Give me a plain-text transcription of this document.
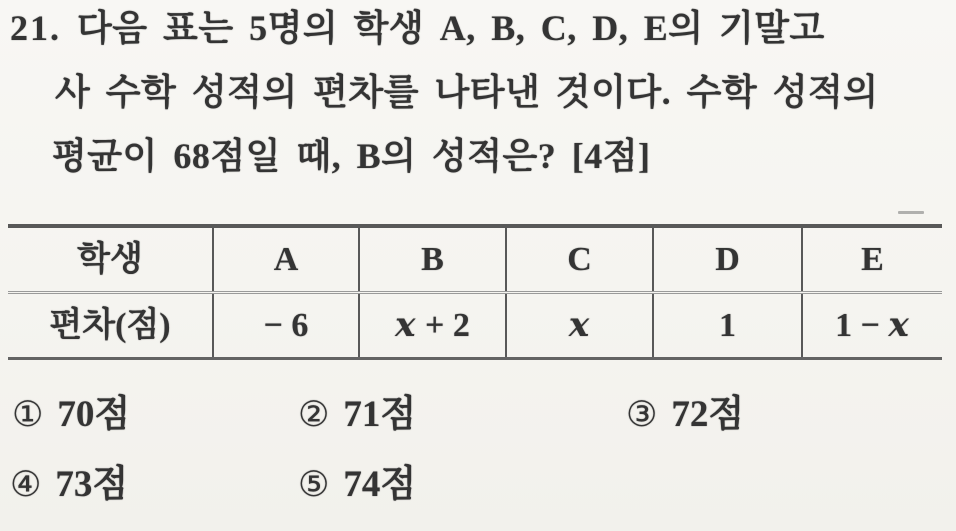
21. 다음 표는 5명의 학생 A, B, C, D, E의 기말고
사 수학 성적의 편차를 나타낸 것이다. 수학 성적의
평균이 68점일 때, B의 성적은? [4점]
학생	A	B	C	D	E
편차(점)	− 6	x + 2	x	1	1 − x
① 70점	② 71점	③ 72점
④ 73점	⑤ 74점
